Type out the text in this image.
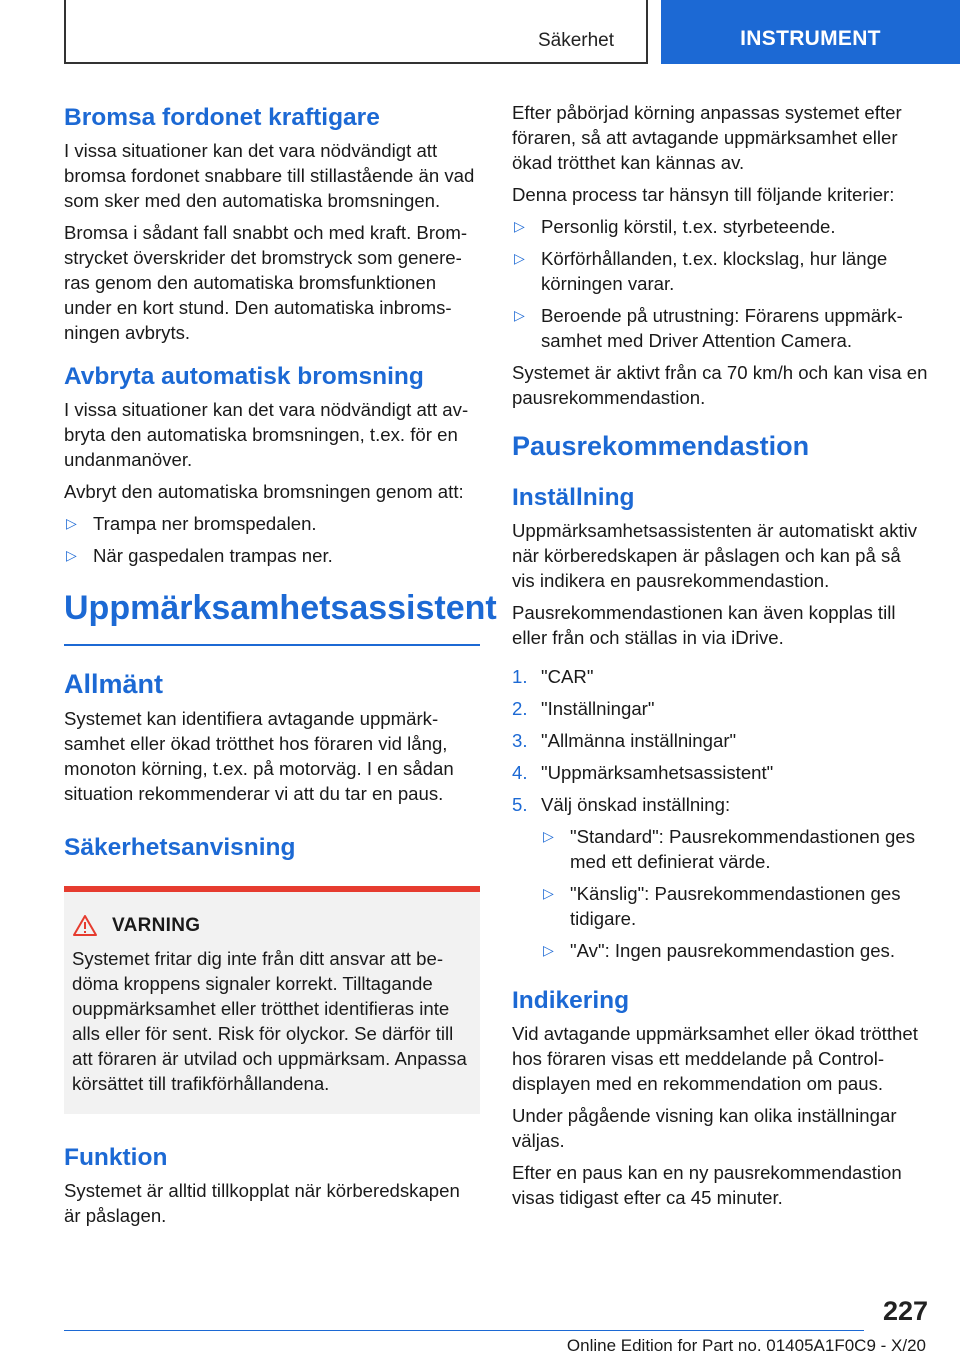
Säkerhet	INSTRUMENT
Bromsa fordonet kraftigare

I vissa situationer kan det vara nödvändigt att bromsa fordonet snabbare till stillastående än vad som sker med den automatiska bromsningen.

Bromsa i sådant fall snabbt och med kraft. Bromstrycket överskrider det bromstryck som genereras genom den automatiska bromsfunktionen under en kort stund. Den automatiska inbromsningen avbryts.

Avbryta automatisk bromsning

I vissa situationer kan det vara nödvändigt att avbryta den automatiska bromsningen, t.ex. för en undanmanöver.

Avbryt den automatiska bromsningen genom att:

▷ Trampa ner bromspedalen.
▷ När gaspedalen trampas ner.
Uppmärksamhetsassistent
Allmänt

Systemet kan identifiera avtagande uppmärksamhet eller ökad trötthet hos föraren vid lång, monoton körning, t.ex. på motorväg. I en sådan situation rekommenderar vi att du tar en paus.

Säkerhetsanvisning
VARNING

Systemet fritar dig inte från ditt ansvar att bedöma kroppens signaler korrekt. Tilltagande ouppmärksamhet eller trötthet identifieras inte alls eller för sent. Risk för olyckor. Se därför till att föraren är utvilad och uppmärksam. Anpassa körsättet till trafikförhållandena.

Funktion

Systemet är alltid tillkopplat när körberedskapen är påslagen.

Efter påbörjad körning anpassas systemet efter föraren, så att avtagande uppmärksamhet eller ökad trötthet kan kännas av.

Denna process tar hänsyn till följande kriterier:

▷ Personlig körstil, t.ex. styrbeteende.
▷ Körförhållanden, t.ex. klockslag, hur länge körningen varar.
▷ Beroende på utrustning: Förarens uppmärksamhet med Driver Attention Camera.

Systemet är aktivt från ca 70 km/h och kan visa en pausrekommendastion.

Pausrekommendastion
Inställning

Uppmärksamhetsassistenten är automatiskt aktiv när körberedskapen är påslagen och kan på så vis indikera en pausrekommendastion.

Pausrekommendastionen kan även kopplas till eller från och ställas in via iDrive.

1. "CAR"
2. "Inställningar"
3. "Allmänna inställningar"
4. "Uppmärksamhetsassistent"
5. Välj önskad inställning:
▷ "Standard": Pausrekommendastionen ges med ett definierat värde.
▷ "Känslig": Pausrekommendastionen ges tidigare.
▷ "Av": Ingen pausrekommendastion ges.
Indikering

Vid avtagande uppmärksamhet eller ökad trötthet hos föraren visas ett meddelande på Control-displayen med en rekommendation om paus.

Under pågående visning kan olika inställningar väljas.

Efter en paus kan en ny pausrekommendastion visas tidigast efter ca 45 minuter.

227
Online Edition for Part no. 01405A1F0C9 - X/20
